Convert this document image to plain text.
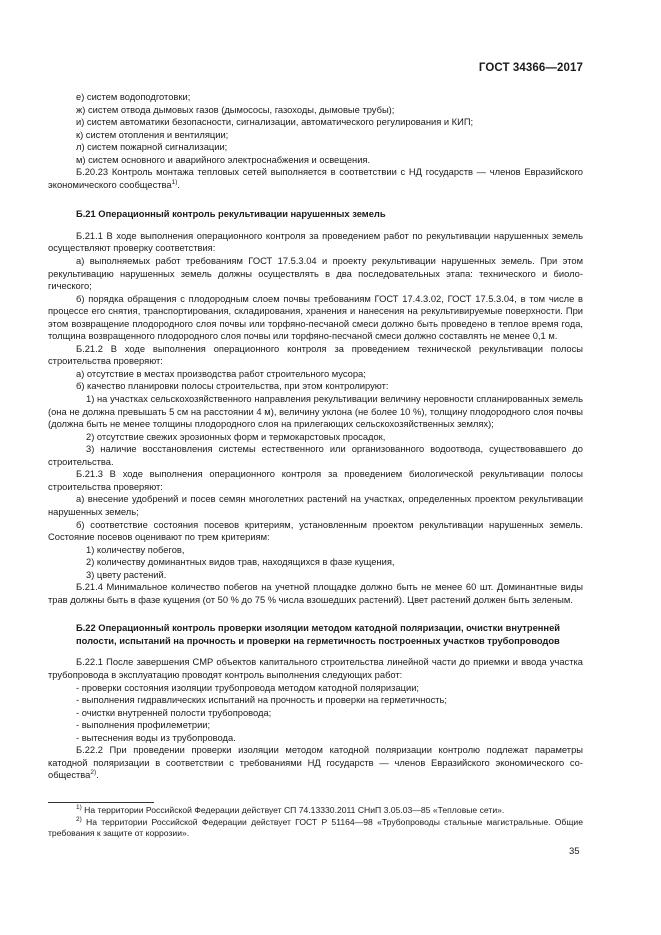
ГОСТ 34366—2017

е) систем водоподготовки;

ж) систем отвода дымовых газов (дымососы, газоходы, дымовые трубы);

и) систем автоматики безопасности, сигнализации, автоматического регулирования и КИП;

к) систем отопления и вентиляции;

л) систем пожарной сигнализации;

м) систем основного и аварийного электроснабжения и освещения.

Б.20.23 Контроль монтажа тепловых сетей выполняется в соответствии с НД государств — членов Евразийского экономического сообщества$^{1)}$.

Б.21 Операционный контроль рекультивации нарушенных земель

Б.21.1 В ходе выполнения операционного контроля за проведением работ по рекультивации нарушенных земель осуществляют проверку соответствия:

а) выполняемых работ требованиям ГОСТ 17.5.3.04 и проекту рекультивации нарушенных земель. При этом рекультивацию нарушенных земель должны осуществлять в два последовательных этапа: технического и биологического;

б) порядка обращения с плодородным слоем почвы требованиям ГОСТ 17.4.3.02, ГОСТ 17.5.3.04, в том числе в процессе его снятия, транспортирования, складирования, хранения и нанесения на рекультивируемые поверхности. При этом возвращение плодородного слоя почвы или торфяно-песчаной смеси должно быть проведено в теплое время года, толщина возвращенного плодородного слоя почвы или торфяно-песчаной смеси должно составлять не менее 0,1 м.

Б.21.2 В ходе выполнения операционного контроля за проведением технической рекультивации полосы строительства проверяют:

а) отсутствие в местах производства работ строительного мусора;

б) качество планировки полосы строительства, при этом контролируют:

1) на участках сельскохозяйственного направления рекультивации величину неровности спланированных земель (она не должна превышать 5 см на расстоянии 4 м), величину уклона (не более 10 %), толщину плодородного слоя почвы (должна быть не менее толщины плодородного слоя на прилегающих сельскохозяйственных землях);

2) отсутствие свежих эрозионных форм и термокарстовых просадок,

3) наличие восстановления системы естественного или организованного водоотвода, существовавшего до строительства.

Б.21.3 В ходе выполнения операционного контроля за проведением биологической рекультивации полосы строительства проверяют:

а) внесение удобрений и посев семян многолетних растений на участках, определенных проектом рекультивации нарушенных земель;

б) соответствие состояния посевов критериям, установленным проектом рекультивации нарушенных земель. Состояние посевов оценивают по трем критериям:

1) количеству побегов,

2) количеству доминантных видов трав, находящихся в фазе кущения,

3) цвету растений.

Б.21.4 Минимальное количество побегов на учетной площадке должно быть не менее 60 шт. Доминантные виды трав должны быть в фазе кущения (от 50 % до 75 % числа взошедших растений). Цвет растений должен быть зеленым.

Б.22 Операционный контроль проверки изоляции методом катодной поляризации, очистки внутренней полости, испытаний на прочность и проверки на герметичность построенных участков трубопроводов

Б.22.1 После завершения СМР объектов капитального строительства линейной части до приемки и ввода участка трубопровода в эксплуатацию проводят контроль выполнения следующих работ:

- проверки состояния изоляции трубопровода методом катодной поляризации;

- выполнения гидравлических испытаний на прочность и проверки на герметичность;

- очистки внутренней полости трубопровода;

- выполнения профилеметрии;

- вытеснения воды из трубопровода.

Б.22.2 При проведении проверки изоляции методом катодной поляризации контролю подлежат параметры катодной поляризации в соответствии с требованиями НД государств — членов Евразийского экономического сообщества$^{2)}$.

$^{1)}$ На территории Российской Федерации действует СП 74.13330.2011 СНиП 3.05.03—85 «Тепловые сети».

$^{2)}$ На территории Российской Федерации действует ГОСТ Р 51164—98 «Трубопроводы стальные магистральные. Общие требования к защите от коррозии».

35
